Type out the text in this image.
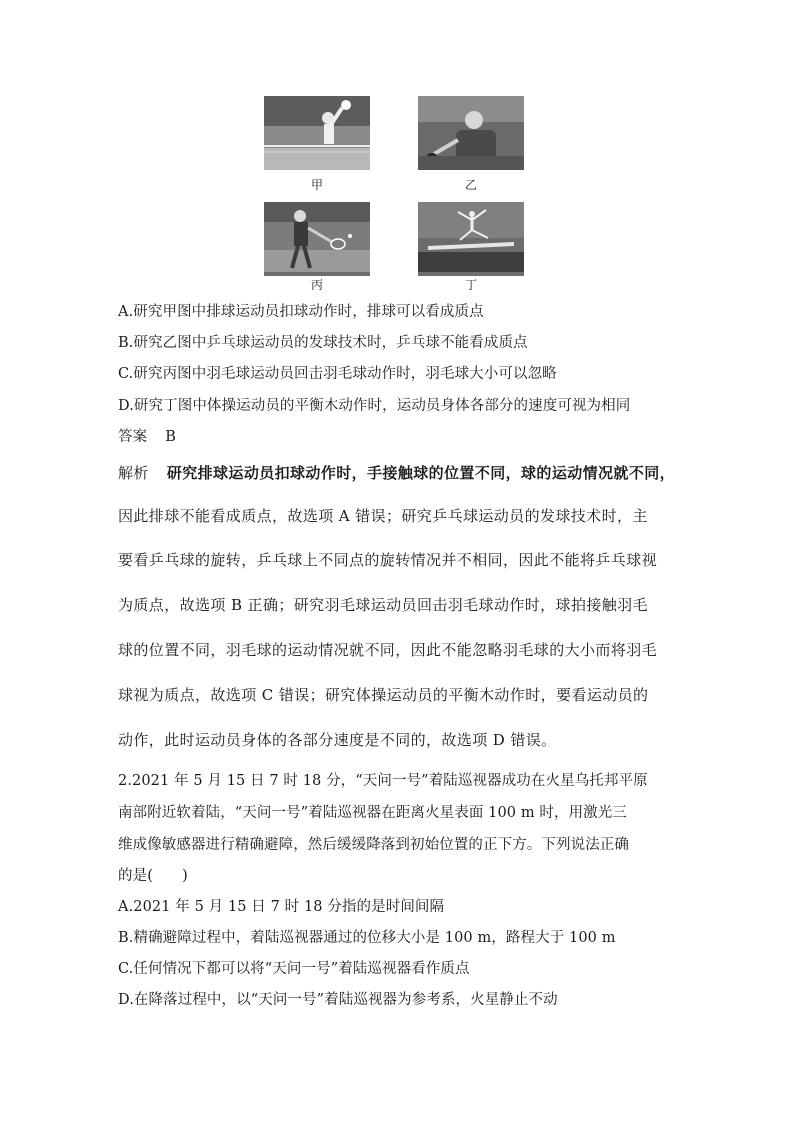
甲	乙
丙	丁
A.研究甲图中排球运动员扣球动作时，排球可以看成质点
B.研究乙图中乒乓球运动员的发球技术时，乒乓球不能看成质点
C.研究丙图中羽毛球运动员回击羽毛球动作时，羽毛球大小可以忽略
D.研究丁图中体操运动员的平衡木动作时，运动员身体各部分的速度可视为相同
答案 B
解析 研究排球运动员扣球动作时，手接触球的位置不同，球的运动情况就不同，
因此排球不能看成质点，故选项 A 错误；研究乒乓球运动员的发球技术时，主
要看乒乓球的旋转，乒乓球上不同点的旋转情况并不相同，因此不能将乒乓球视
为质点，故选项 B 正确；研究羽毛球运动员回击羽毛球动作时，球拍接触羽毛
球的位置不同，羽毛球的运动情况就不同，因此不能忽略羽毛球的大小而将羽毛
球视为质点，故选项 C 错误；研究体操运动员的平衡木动作时，要看运动员的
动作，此时运动员身体的各部分速度是不同的，故选项 D 错误。
2.2021 年 5 月 15 日 7 时 18 分，“天问一号”着陆巡视器成功在火星乌托邦平原
南部附近软着陆，“天问一号”着陆巡视器在距离火星表面 100 m 时，用激光三
维成像敏感器进行精确避障，然后缓缓降落到初始位置的正下方。下列说法正确
的是(　　)
A.2021 年 5 月 15 日 7 时 18 分指的是时间间隔
B.精确避障过程中，着陆巡视器通过的位移大小是 100 m，路程大于 100 m
C.任何情况下都可以将“天问一号”着陆巡视器看作质点
D.在降落过程中，以“天问一号”着陆巡视器为参考系，火星静止不动
